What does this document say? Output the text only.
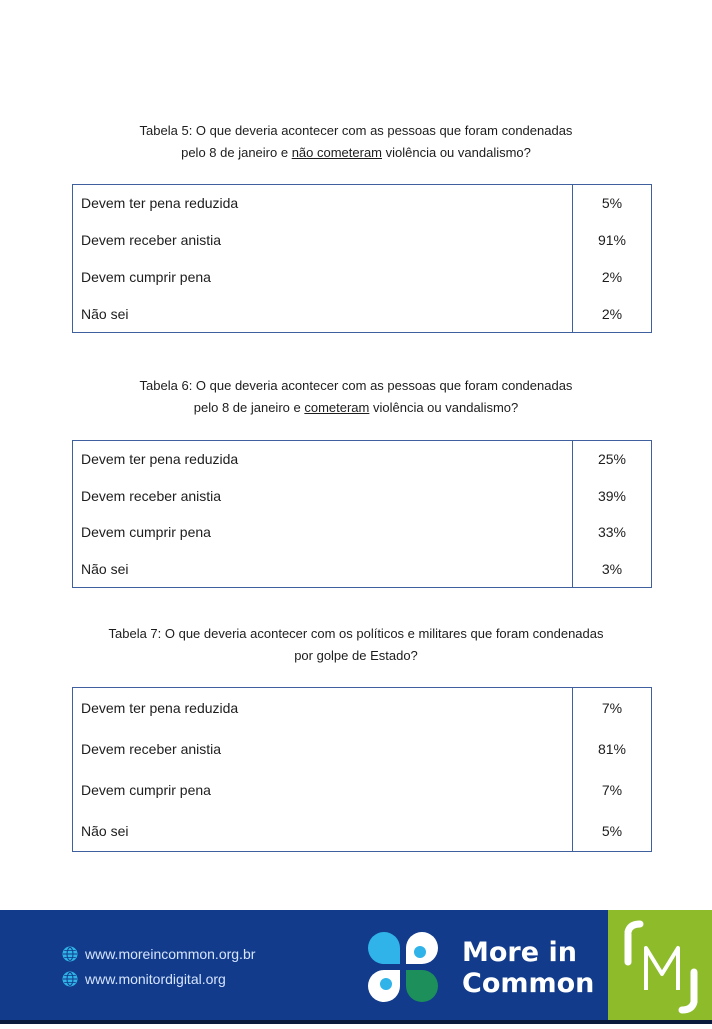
Tabela 5: O que deveria acontecer com as pessoas que foram condenadas
pelo 8 de janeiro e não cometeram violência ou vandalismo?
Devem ter pena reduzida	5%
Devem receber anistia	91%
Devem cumprir pena	2%
Não sei	2%
Tabela 6: O que deveria acontecer com as pessoas que foram condenadas
pelo 8 de janeiro e cometeram violência ou vandalismo?
Devem ter pena reduzida	25%
Devem receber anistia	39%
Devem cumprir pena	33%
Não sei	3%
Tabela 7: O que deveria acontecer com os políticos e militares que foram condenadas
por golpe de Estado?
Devem ter pena reduzida	7%
Devem receber anistia	81%
Devem cumprir pena	7%
Não sei	5%
www.moreincommon.org.br
www.monitordigital.org
More in
Common
